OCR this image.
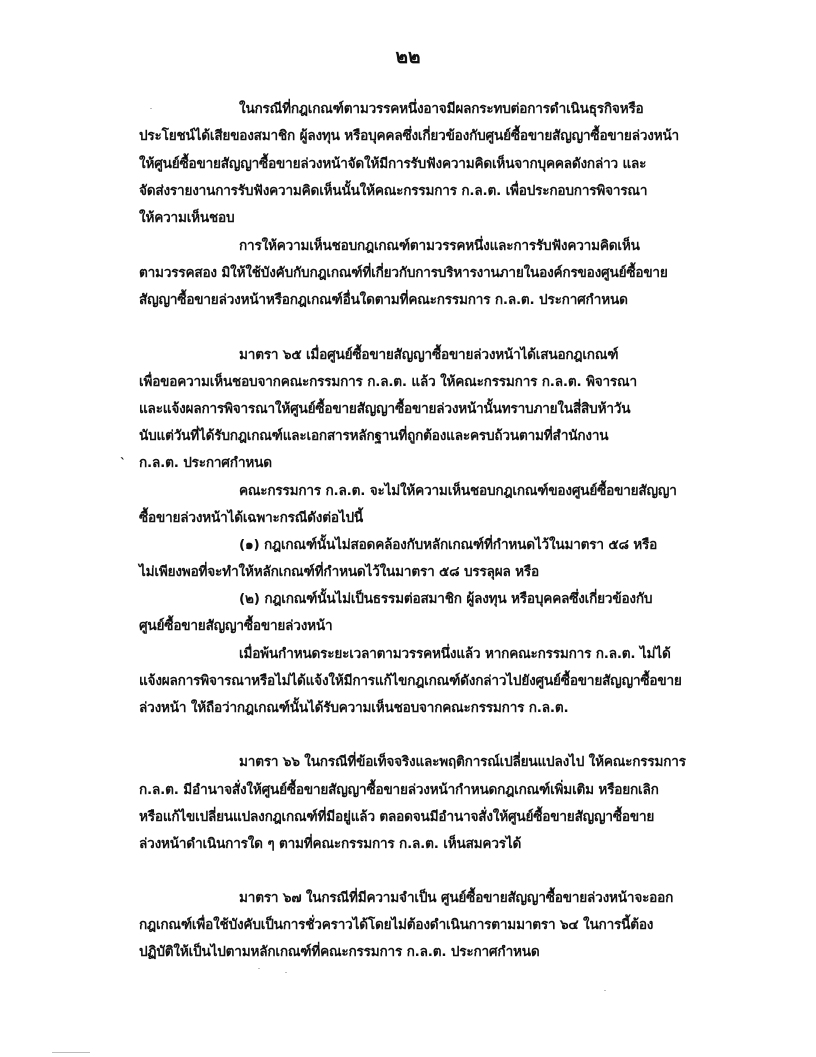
๒๒
ในกรณีที่กฎเกณฑ์ตามวรรคหนึ่งอาจมีผลกระทบต่อการดำเนินธุรกิจหรือ
ประโยชน์ได้เสียของสมาชิก ผู้ลงทุน หรือบุคคลซึ่งเกี่ยวข้องกับศูนย์ซื้อขายสัญญาซื้อขายล่วงหน้า
ให้ศูนย์ซื้อขายสัญญาซื้อขายล่วงหน้าจัดให้มีการรับฟังความคิดเห็นจากบุคคลดังกล่าว และ
จัดส่งรายงานการรับฟังความคิดเห็นนั้นให้คณะกรรมการ ก.ล.ต. เพื่อประกอบการพิจารณา
ให้ความเห็นชอบ
การให้ความเห็นชอบกฎเกณฑ์ตามวรรคหนึ่งและการรับฟังความคิดเห็น
ตามวรรคสอง มิให้ใช้บังคับกับกฎเกณฑ์ที่เกี่ยวกับการบริหารงานภายในองค์กรของศูนย์ซื้อขาย
สัญญาซื้อขายล่วงหน้าหรือกฎเกณฑ์อื่นใดตามที่คณะกรรมการ ก.ล.ต. ประกาศกำหนด
มาตรา ๖๕ เมื่อศูนย์ซื้อขายสัญญาซื้อขายล่วงหน้าได้เสนอกฎเกณฑ์
เพื่อขอความเห็นชอบจากคณะกรรมการ ก.ล.ต. แล้ว ให้คณะกรรมการ ก.ล.ต. พิจารณา
และแจ้งผลการพิจารณาให้ศูนย์ซื้อขายสัญญาซื้อขายล่วงหน้านั้นทราบภายในสี่สิบห้าวัน
นับแต่วันที่ได้รับกฎเกณฑ์และเอกสารหลักฐานที่ถูกต้องและครบถ้วนตามที่สำนักงาน
` ก.ล.ต. ประกาศกำหนด
คณะกรรมการ ก.ล.ต. จะไม่ให้ความเห็นชอบกฎเกณฑ์ของศูนย์ซื้อขายสัญญา
ซื้อขายล่วงหน้าได้เฉพาะกรณีดังต่อไปนี้
(๑) กฎเกณฑ์นั้นไม่สอดคล้องกับหลักเกณฑ์ที่กำหนดไว้ในมาตรา ๕๘ หรือ
ไม่เพียงพอที่จะทำให้หลักเกณฑ์ที่กำหนดไว้ในมาตรา ๕๘ บรรลุผล หรือ
(๒) กฎเกณฑ์นั้นไม่เป็นธรรมต่อสมาชิก ผู้ลงทุน หรือบุคคลซึ่งเกี่ยวข้องกับ
ศูนย์ซื้อขายสัญญาซื้อขายล่วงหน้า
เมื่อพ้นกำหนดระยะเวลาตามวรรคหนึ่งแล้ว หากคณะกรรมการ ก.ล.ต. ไม่ได้
แจ้งผลการพิจารณาหรือไม่ได้แจ้งให้มีการแก้ไขกฎเกณฑ์ดังกล่าวไปยังศูนย์ซื้อขายสัญญาซื้อขาย
ล่วงหน้า ให้ถือว่ากฎเกณฑ์นั้นได้รับความเห็นชอบจากคณะกรรมการ ก.ล.ต.
มาตรา ๖๖ ในกรณีที่ข้อเท็จจริงและพฤติการณ์เปลี่ยนแปลงไป ให้คณะกรรมการ
ก.ล.ต. มีอำนาจสั่งให้ศูนย์ซื้อขายสัญญาซื้อขายล่วงหน้ากำหนดกฎเกณฑ์เพิ่มเติม หรือยกเลิก
หรือแก้ไขเปลี่ยนแปลงกฎเกณฑ์ที่มีอยู่แล้ว ตลอดจนมีอำนาจสั่งให้ศูนย์ซื้อขายสัญญาซื้อขาย
ล่วงหน้าดำเนินการใด ๆ ตามที่คณะกรรมการ ก.ล.ต. เห็นสมควรได้
มาตรา ๖๗ ในกรณีที่มีความจำเป็น ศูนย์ซื้อขายสัญญาซื้อขายล่วงหน้าจะออก
กฎเกณฑ์เพื่อใช้บังคับเป็นการชั่วคราวได้โดยไม่ต้องดำเนินการตามมาตรา ๖๔ ในการนี้ต้อง
ปฏิบัติให้เป็นไปตามหลักเกณฑ์ที่คณะกรรมการ ก.ล.ต. ประกาศกำหนด
